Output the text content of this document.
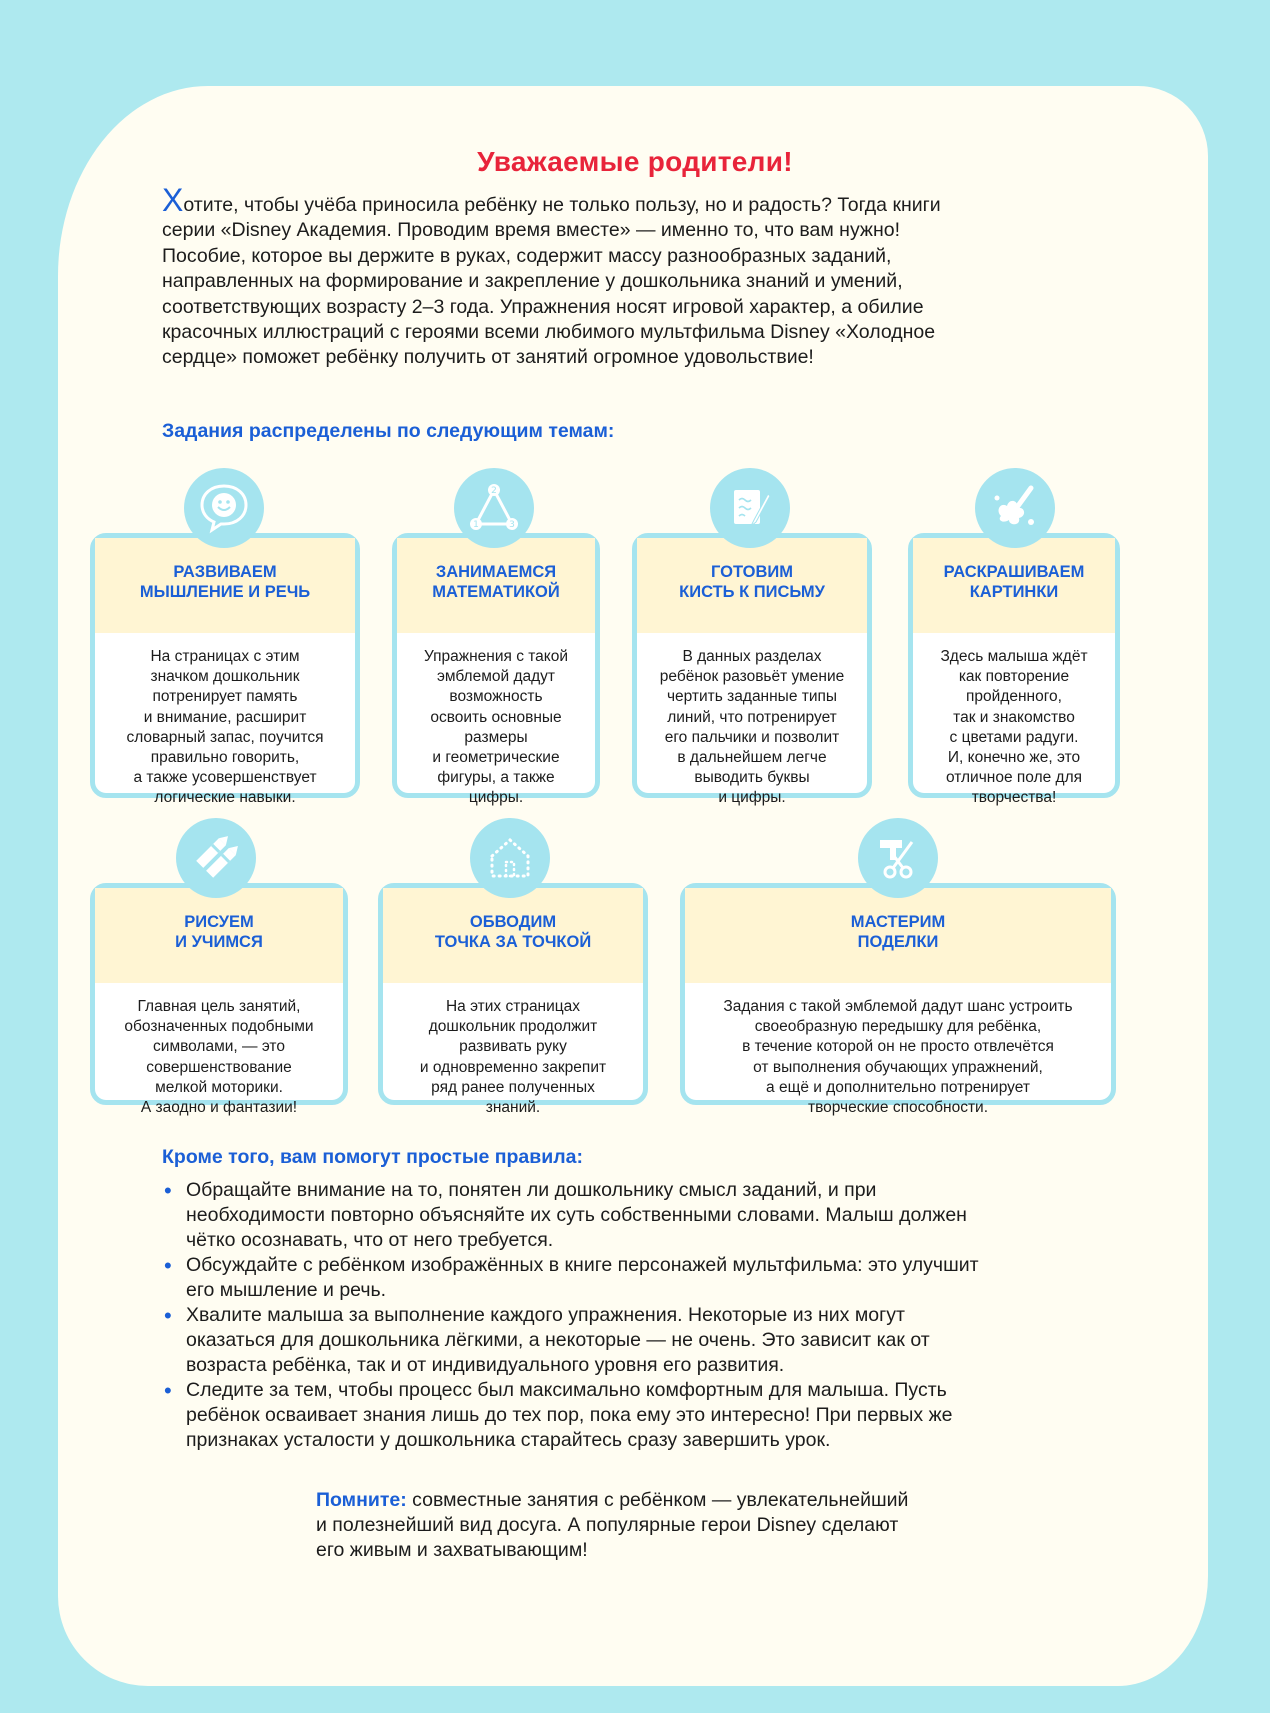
Уважаемые родители!
Хотите, чтобы учёба приносила ребёнку не только пользу, но и радость? Тогда книги
серии «Disney Академия. Проводим время вместе» — именно то, что вам нужно!
Пособие, которое вы держите в руках, содержит массу разнообразных заданий,
направленных на формирование и закрепление у дошкольника знаний и умений,
соответствующих возрасту 2–3 года. Упражнения носят игровой характер, а обилие
красочных иллюстраций с героями всеми любимого мультфильма Disney «Холодное
сердце» поможет ребёнку получить от занятий огромное удовольствие!
Задания распределены по следующим темам:
РАЗВИВАЕМ
МЫШЛЕНИЕ И РЕЧЬ
На страницах с этим
значком дошкольник
потренирует память
и внимание, расширит
словарный запас, поучится
правильно говорить,
а также усовершенствует
логические навыки.
ЗАНИМАЕМСЯ
МАТЕМАТИКОЙ
Упражнения с такой
эмблемой дадут
возможность
освоить основные
размеры
и геометрические
фигуры, а также
цифры.
2
1	3
ГОТОВИМ
КИСТЬ К ПИСЬМУ
В данных разделах
ребёнок разовьёт умение
чертить заданные типы
линий, что потренирует
его пальчики и позволит
в дальнейшем легче
выводить буквы
и цифры.
РАСКРАШИВАЕМ
КАРТИНКИ
Здесь малыша ждёт
как повторение
пройденного,
так и знакомство
с цветами радуги.
И, конечно же, это
отличное поле для
творчества!
РИСУЕМ
И УЧИМСЯ
Главная цель занятий,
обозначенных подобными
символами, — это
совершенствование
мелкой моторики.
А заодно и фантазии!
ОБВОДИМ
ТОЧКА ЗА ТОЧКОЙ
На этих страницах
дошкольник продолжит
развивать руку
и одновременно закрепит
ряд ранее полученных
знаний.
МАСТЕРИМ
ПОДЕЛКИ
Задания с такой эмблемой дадут шанс устроить
своеобразную передышку для ребёнка,
в течение которой он не просто отвлечётся
от выполнения обучающих упражнений,
а ещё и дополнительно потренирует
творческие способности.
Кроме того, вам помогут простые правила:
• Обращайте внимание на то, понятен ли дошкольнику смысл заданий, и при
необходимости повторно объясняйте их суть собственными словами. Малыш должен
чётко осознавать, что от него требуется.
• Обсуждайте с ребёнком изображённых в книге персонажей мультфильма: это улучшит
его мышление и речь.
• Хвалите малыша за выполнение каждого упражнения. Некоторые из них могут
оказаться для дошкольника лёгкими, а некоторые — не очень. Это зависит как от
возраста ребёнка, так и от индивидуального уровня его развития.
• Следите за тем, чтобы процесс был максимально комфортным для малыша. Пусть
ребёнок осваивает знания лишь до тех пор, пока ему это интересно! При первых же
признаках усталости у дошкольника старайтесь сразу завершить урок.
Помните: совместные занятия с ребёнком — увлекательнейший
и полезнейший вид досуга. А популярные герои Disney сделают
его живым и захватывающим!
